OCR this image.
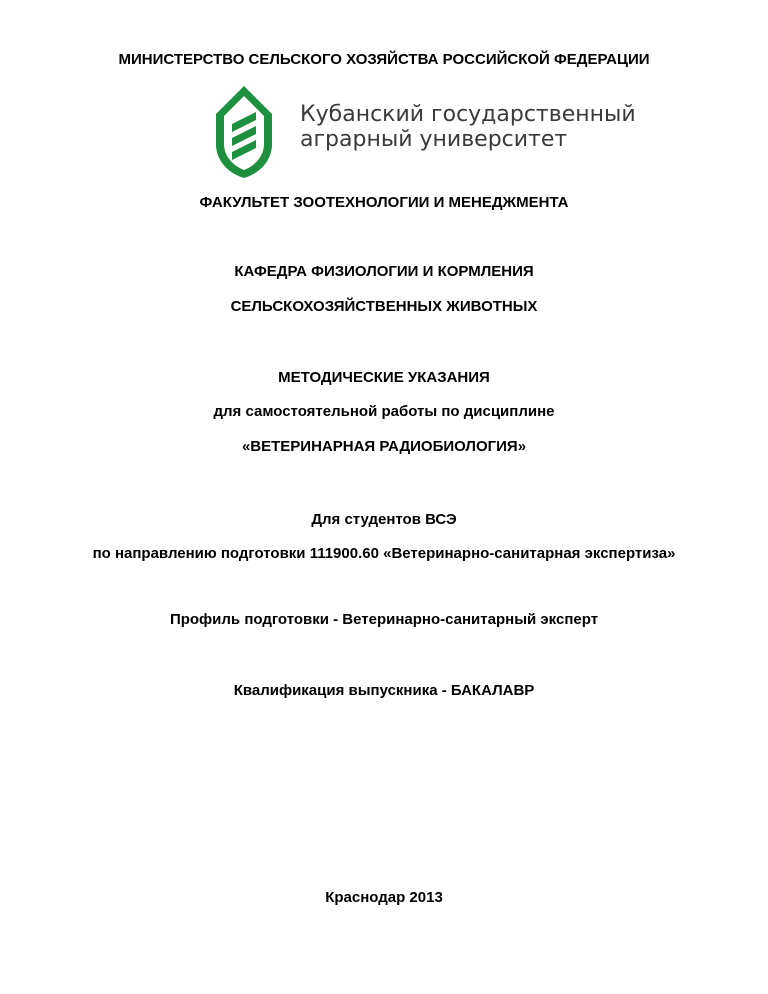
МИНИСТЕРСТВО СЕЛЬСКОГО ХОЗЯЙСТВА РОССИЙСКОЙ ФЕДЕРАЦИИ
Кубанский государственный
аграрный университет
ФАКУЛЬТЕТ ЗООТЕХНОЛОГИИ И МЕНЕДЖМЕНТА
КАФЕДРА ФИЗИОЛОГИИ И КОРМЛЕНИЯ
СЕЛЬСКОХОЗЯЙСТВЕННЫХ ЖИВОТНЫХ
МЕТОДИЧЕСКИЕ УКАЗАНИЯ
для самостоятельной работы по дисциплине
«ВЕТЕРИНАРНАЯ РАДИОБИОЛОГИЯ»
Для студентов ВСЭ
по направлению подготовки 111900.60 «Ветеринарно-санитарная экспертиза»
Профиль подготовки - Ветеринарно-санитарный эксперт
Квалификация выпускника - БАКАЛАВР
Краснодар 2013
